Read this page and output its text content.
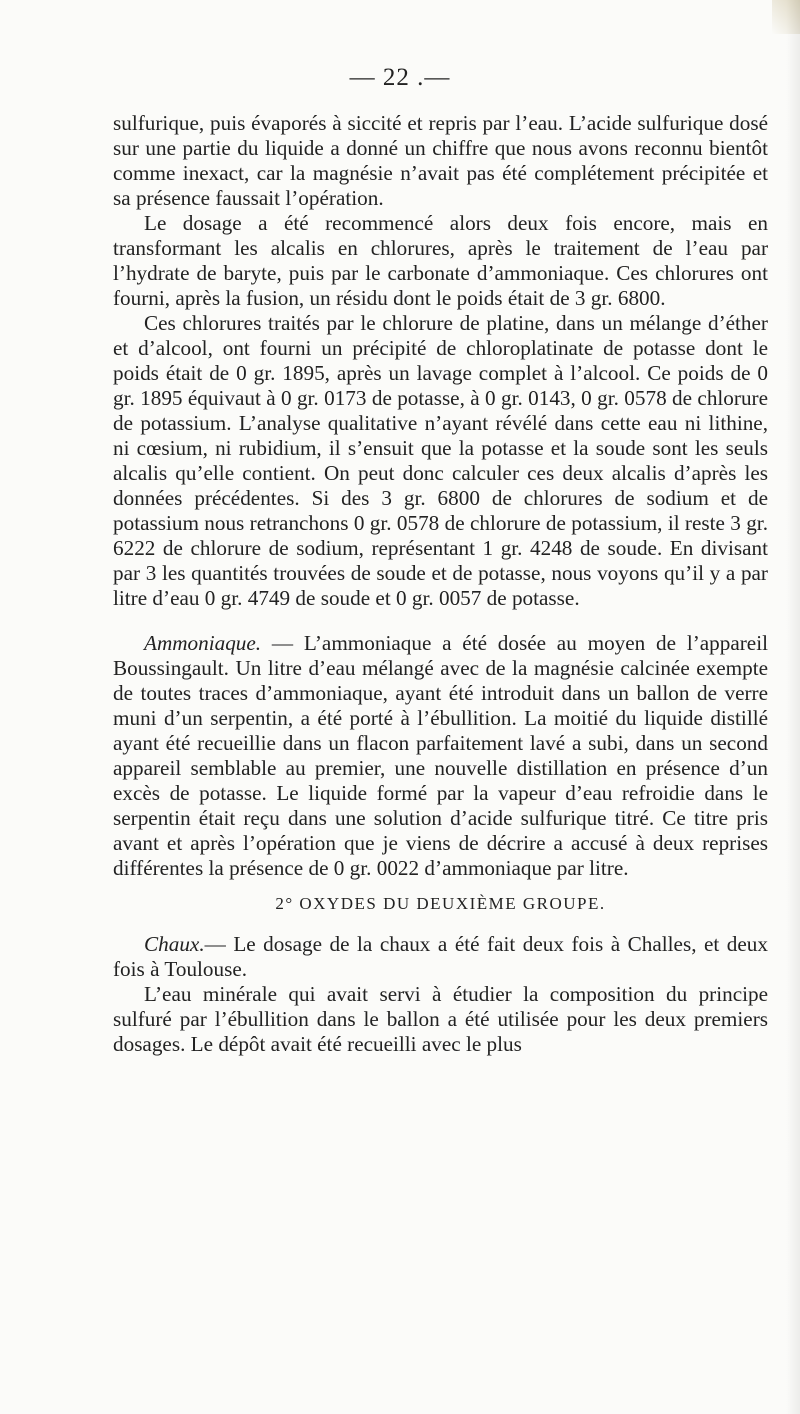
— 22 .—

sulfurique, puis évaporés à siccité et repris par l’eau. L’acide sulfurique dosé sur une partie du liquide a donné un chiffre que nous avons reconnu bientôt comme inexact, car la magnésie n’avait pas été complétement précipitée et sa présence faussait l’opération.

Le dosage a été recommencé alors deux fois encore, mais en transformant les alcalis en chlorures, après le traitement de l’eau par l’hydrate de baryte, puis par le carbonate d’ammoniaque. Ces chlorures ont fourni, après la fusion, un résidu dont le poids était de 3 gr. 6800.

Ces chlorures traités par le chlorure de platine, dans un mélange d’éther et d’alcool, ont fourni un précipité de chloroplatinate de potasse dont le poids était de 0 gr. 1895, après un lavage complet à l’alcool. Ce poids de 0 gr. 1895 équivaut à 0 gr. 0173 de potasse, à 0 gr. 0143, 0 gr. 0578 de chlorure de potassium. L’analyse qualitative n’ayant révélé dans cette eau ni lithine, ni cœsium, ni rubidium, il s’ensuit que la potasse et la soude sont les seuls alcalis qu’elle contient. On peut donc calculer ces deux alcalis d’après les données précédentes. Si des 3 gr. 6800 de chlorures de sodium et de potassium nous retranchons 0 gr. 0578 de chlorure de potassium, il reste 3 gr. 6222 de chlorure de sodium, représentant 1 gr. 4248 de soude. En divisant par 3 les quantités trouvées de soude et de potasse, nous voyons qu’il y a par litre d’eau 0 gr. 4749 de soude et 0 gr. 0057 de potasse.

Ammoniaque. — L’ammoniaque a été dosée au moyen de l’appareil Boussingault. Un litre d’eau mélangé avec de la magnésie calcinée exempte de toutes traces d’ammoniaque, ayant été introduit dans un ballon de verre muni d’un serpentin, a été porté à l’ébullition. La moitié du liquide distillé ayant été recueillie dans un flacon parfaitement lavé a subi, dans un second appareil semblable au premier, une nouvelle distillation en présence d’un excès de potasse. Le liquide formé par la vapeur d’eau refroidie dans le serpentin était reçu dans une solution d’acide sulfurique titré. Ce titre pris avant et après l’opération que je viens de décrire a accusé à deux reprises différentes la présence de 0 gr. 0022 d’ammoniaque par litre.

2° OXYDES DU DEUXIÈME GROUPE.

Chaux.— Le dosage de la chaux a été fait deux fois à Challes, et deux fois à Toulouse.

L’eau minérale qui avait servi à étudier la composition du principe sulfuré par l’ébullition dans le ballon a été utilisée pour les deux premiers dosages. Le dépôt avait été recueilli avec le plus
